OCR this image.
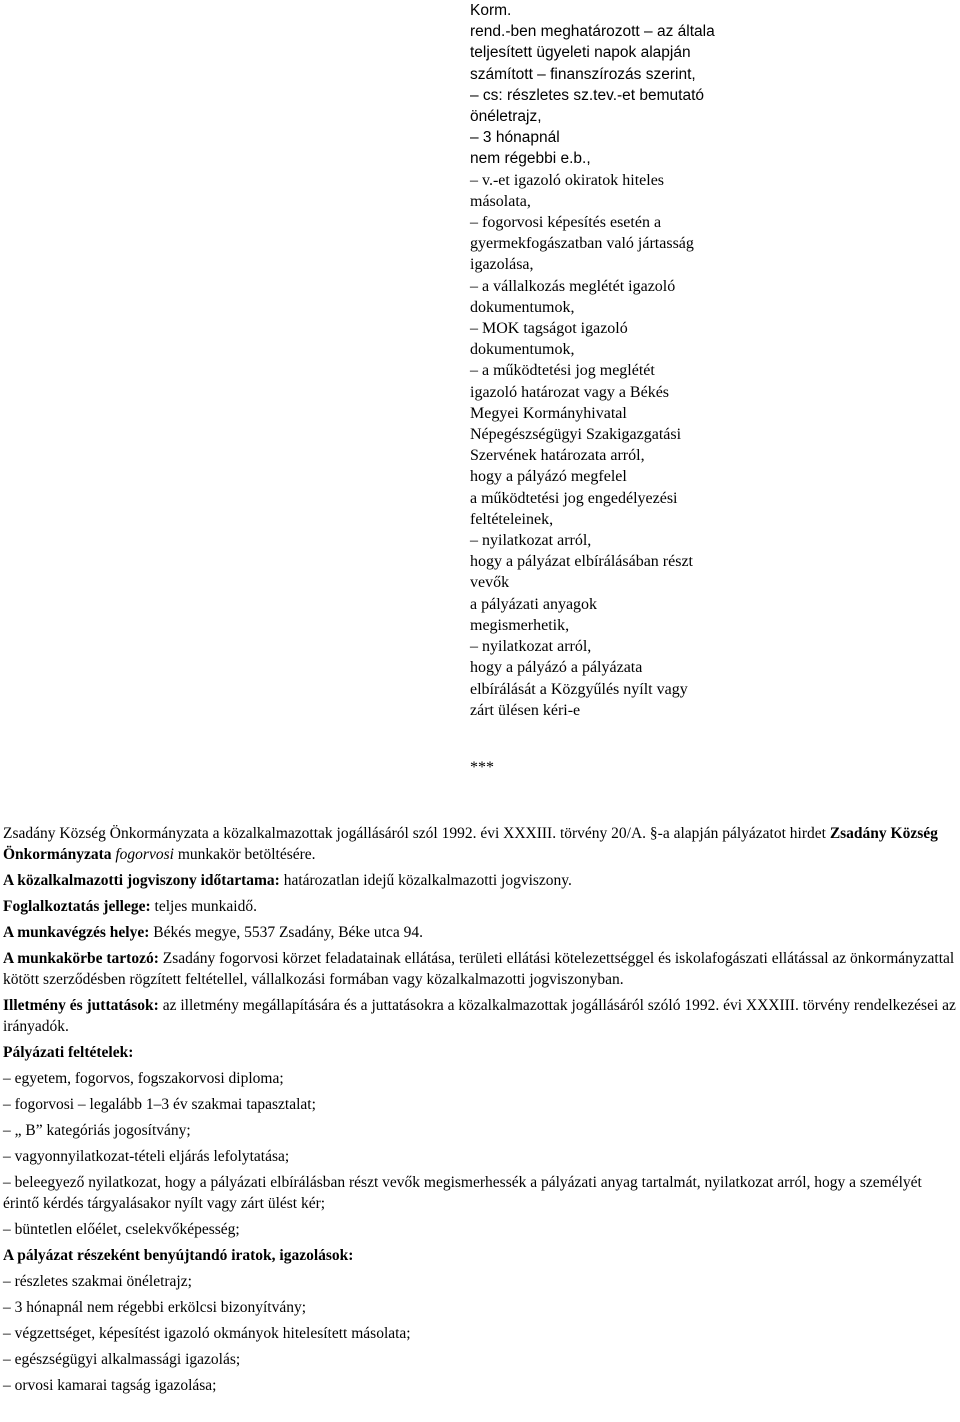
Korm.
rend.-ben meghatározott – az általa
teljesített ügyeleti napok alapján
számított – finanszírozás szerint,
– cs: részletes sz.tev.-et bemutató
önéletrajz,
– 3 hónapnál
nem régebbi e.b.,
– v.-et igazoló okiratok hiteles
másolata,
– fogorvosi képesítés esetén a
gyermekfogászatban való jártasság
igazolása,
– a vállalkozás meglétét igazoló
dokumentumok,
– MOK tagságot igazoló
dokumentumok,
– a működtetési jog meglétét
igazoló határozat vagy a Békés
Megyei Kormányhivatal
Népegészségügyi Szakigazgatási
Szervének határozata arról,
hogy a pályázó megfelel
a működtetési jog engedélyezési
feltételeinek,
– nyilatkozat arról,
hogy a pályázat elbírálásában részt
vevők
a pályázati anyagok
megismerhetik,
– nyilatkozat arról,
hogy a pályázó a pályázata
elbírálását a Közgyűlés nyílt vagy
zárt ülésen kéri-e
***

Zsadány Község Önkormányzata a közalkalmazottak jogállásáról szól 1992. évi XXXIII. törvény 20/A. §-a alapján pályázatot hirdet Zsadány Község Önkormányzata fogorvosi munkakör betöltésére.

A közalkalmazotti jogviszony időtartama: határozatlan idejű közalkalmazotti jogviszony.

Foglalkoztatás jellege: teljes munkaidő.

A munkavégzés helye: Békés megye, 5537 Zsadány, Béke utca 94.

A munkakörbe tartozó: Zsadány fogorvosi körzet feladatainak ellátása, területi ellátási kötelezettséggel és iskolafogászati ellátással az önkormányzattal kötött szerződésben rögzített feltétellel, vállalkozási formában vagy közalkalmazotti jogviszonyban.

Illetmény és juttatások: az illetmény megállapítására és a juttatásokra a közalkalmazottak jogállásáról szóló 1992. évi XXXIII. törvény rendelkezései az irányadók.

Pályázati feltételek:

– egyetem, fogorvos, fogszakorvosi diploma;
– fogorvosi – legalább 1–3 év szakmai tapasztalat;
– „ B” kategóriás jogosítvány;
– vagyonnyilatkozat-tételi eljárás lefolytatása;
– beleegyező nyilatkozat, hogy a pályázati elbírálásban részt vevők megismerhessék a pályázati anyag tartalmát, nyilatkozat arról, hogy a személyét érintő kérdés tárgyalásakor nyílt vagy zárt ülést kér;
– büntetlen előélet, cselekvőképesség;

A pályázat részeként benyújtandó iratok, igazolások:

– részletes szakmai önéletrajz;
– 3 hónapnál nem régebbi erkölcsi bizonyítvány;
– végzettséget, képesítést igazoló okmányok hitelesített másolata;
– egészségügyi alkalmassági igazolás;
– orvosi kamarai tagság igazolása;
